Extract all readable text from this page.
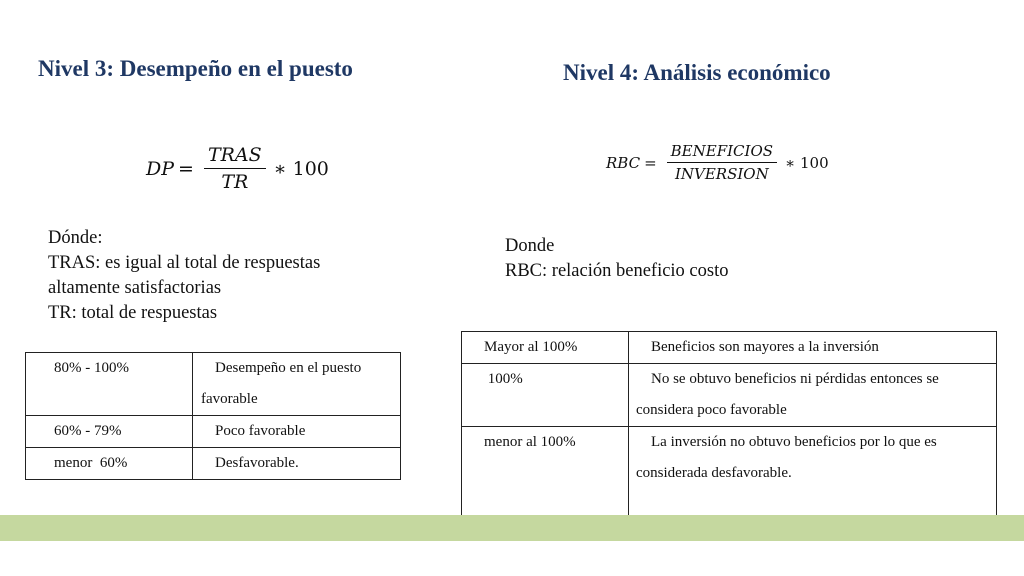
Nivel 3: Desempeño en el puesto
DP = $\frac{\text{TRAS}}{TR}$ ∗ 100
Dónde:
TRAS: es igual al total de respuestas
altamente satisfactorias
TR: total de respuestas
80% - 100%	Desempeño en el puesto
favorable

60% - 79%	Poco favorable

menor  60%	Desfavorable.
Nivel 4: Análisis económico
RBC = $\frac{\text{BENEFICIOS}}{\text{INVERSION}}$ ∗ 100
Donde
RBC: relación beneficio costo
Mayor al 100%	Beneficios son mayores a la inversión

100%	No se obtuvo beneficios ni pérdidas entonces se
considera poco favorable

menor al 100%	La inversión no obtuvo beneficios por lo que es
considerada desfavorable.
